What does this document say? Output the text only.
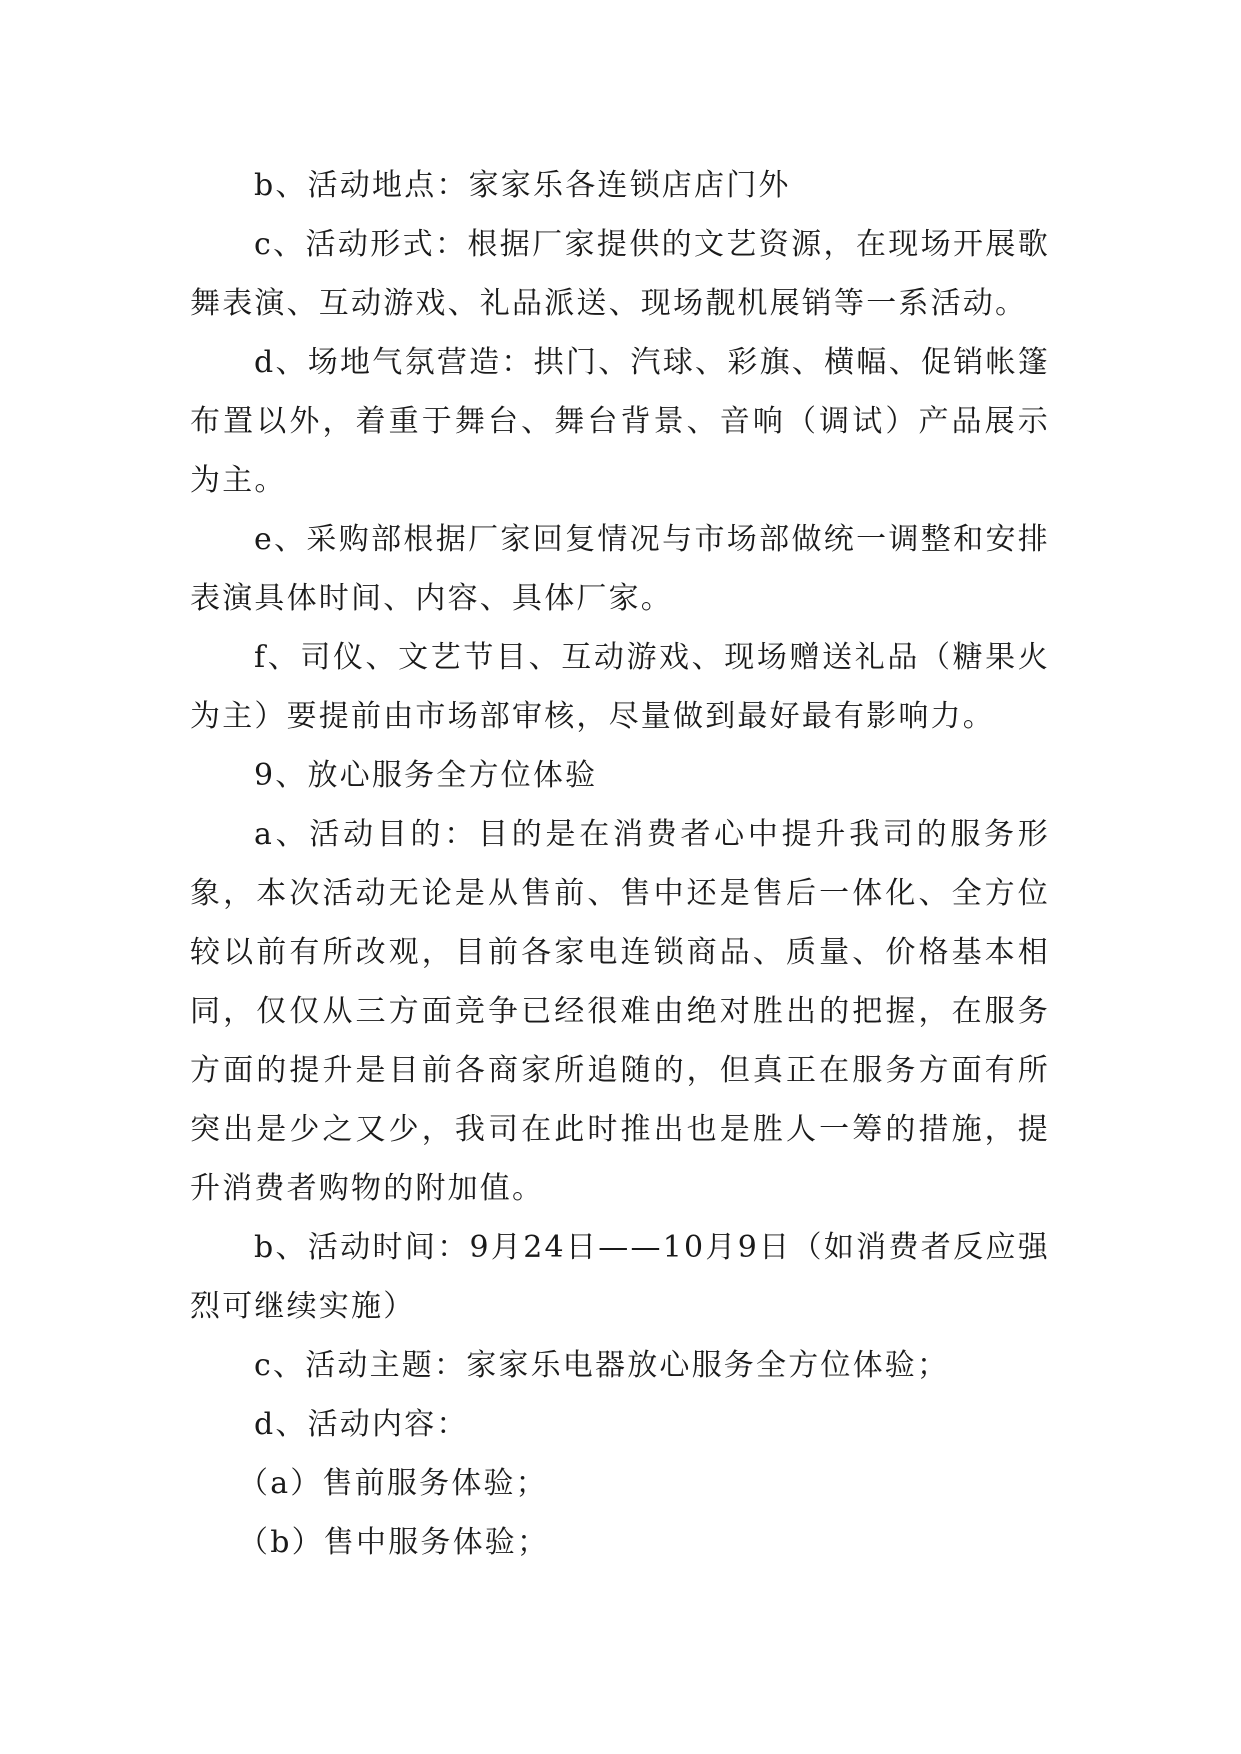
b、活动地点：家家乐各连锁店店门外

c、活动形式：根据厂家提供的文艺资源，在现场开展歌舞表演、互动游戏、礼品派送、现场靓机展销等一系活动。

d、场地气氛营造：拱门、汽球、彩旗、横幅、促销帐篷布置以外，着重于舞台、舞台背景、音响（调试）产品展示为主。

e、采购部根据厂家回复情况与市场部做统一调整和安排表演具体时间、内容、具体厂家。

f、司仪、文艺节目、互动游戏、现场赠送礼品（糖果火为主）要提前由市场部审核，尽量做到最好最有影响力。

9、放心服务全方位体验

a、活动目的：目的是在消费者心中提升我司的服务形象，本次活动无论是从售前、售中还是售后一体化、全方位较以前有所改观，目前各家电连锁商品、质量、价格基本相同，仅仅从三方面竞争已经很难由绝对胜出的把握，在服务方面的提升是目前各商家所追随的，但真正在服务方面有所突出是少之又少，我司在此时推出也是胜人一筹的措施，提升消费者购物的附加值。

b、活动时间：9月24日——10月9日（如消费者反应强烈可继续实施）

c、活动主题：家家乐电器放心服务全方位体验；

d、活动内容：

（a）售前服务体验；

（b）售中服务体验；
